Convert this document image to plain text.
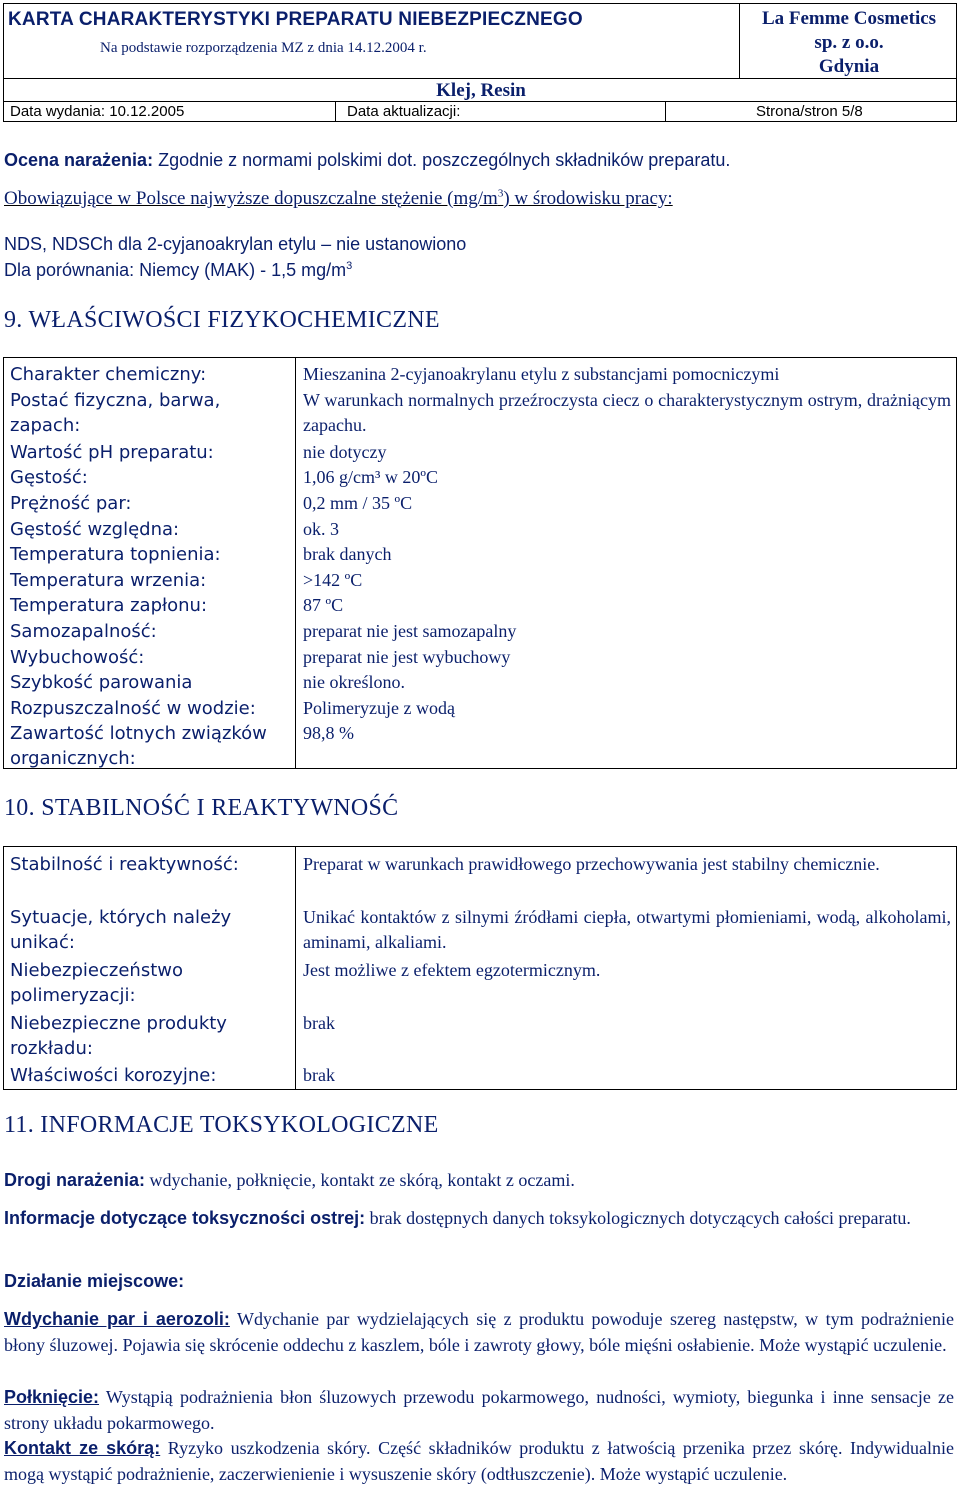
KARTA CHARAKTERYSTYKI PREPARATU NIEBEZPIECZNEGO
Na podstawie rozporządzenia MZ z dnia 14.12.2004 r.
La Femme Cosmetics
sp. z o.o.
Gdynia
Klej, Resin
Data wydania: 10.12.2005	Data aktualizacji:	Strona/stron 5/8
Ocena narażenia: Zgodnie z normami polskimi dot. poszczególnych składników preparatu.
Obowiązujące w Polsce najwyższe dopuszczalne stężenie $(mg/m^3)$ w środowisku pracy:
NDS, NDSCh dla 2-cyjanoakrylan etylu – nie ustanowiono
Dla porównania: Niemcy (MAK) - 1,5 $mg/m^3$
9. WŁAŚCIWOŚCI FIZYKOCHEMICZNE
Charakter chemiczny:	Mieszanina 2-cyjanoakrylanu etylu z substancjami pomocniczymi
Postać fizyczna, barwa, zapach:
W warunkach normalnych przeźroczysta ciecz o charakterystycznym ostrym, drażniącym zapachu.
Wartość pH preparatu:	nie dotyczy
Gęstość:	1,06 g/cm³ w 20ºC
Prężność par:	0,2 mm / 35 ºC
Gęstość względna:	ok. 3
Temperatura topnienia:	brak danych
Temperatura wrzenia:	>142 ºC
Temperatura zapłonu:	87 ºC
Samozapalność:	preparat nie jest samozapalny
Wybuchowość:	preparat nie jest wybuchowy
Szybkość parowania	nie określono.
Rozpuszczalność w wodzie:	Polimeryzuje z wodą
Zawartość lotnych związków organicznych:
98,8 %
10. STABILNOŚĆ I REAKTYWNOŚĆ
Stabilność i reaktywność:	Preparat w warunkach prawidłowego przechowywania jest stabilny chemicznie.
Sytuacje, których należy unikać:
Unikać kontaktów z silnymi źródłami ciepła, otwartymi płomieniami, wodą, alkoholami, aminami, alkaliami.
Niebezpieczeństwo polimeryzacji:
Jest możliwe z efektem egzotermicznym.
Niebezpieczne produkty rozkładu:
brak
Właściwości korozyjne:	brak
11. INFORMACJE TOKSYKOLOGICZNE
Drogi narażenia: wdychanie, połknięcie, kontakt ze skórą, kontakt z oczami.
Informacje dotyczące toksyczności ostrej: brak dostępnych danych toksykologicznych dotyczących całości preparatu.
Działanie miejscowe:
Wdychanie par i aerozoli: Wdychanie par wydzielających się z produktu powoduje szereg następstw, w tym podrażnienie błony śluzowej. Pojawia się skrócenie oddechu z kaszlem, bóle i zawroty głowy, bóle mięśni osłabienie. Może wystąpić uczulenie.
Połknięcie: Wystąpią podrażnienia błon śluzowych przewodu pokarmowego, nudności, wymioty, biegunka i inne sensacje ze strony układu pokarmowego.
Kontakt ze skórą: Ryzyko uszkodzenia skóry. Część składników produktu z łatwością przenika przez skórę. Indywidualnie mogą wystąpić podrażnienie, zaczerwienienie i wysuszenie skóry (odtłuszczenie). Może wystąpić uczulenie.
